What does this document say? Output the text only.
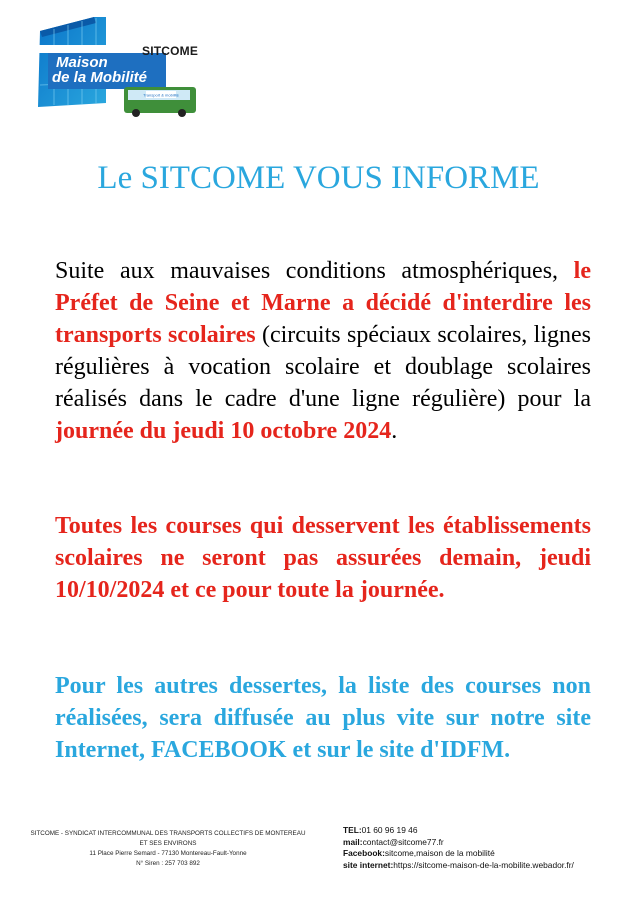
Transport & mobilité
SITCOME
Maison
de la Mobilité
Le SITCOME VOUS INFORME

Suite aux mauvaises conditions atmosphériques, le Préfet de Seine et Marne a décidé d'interdire les transports scolaires (circuits spéciaux scolaires, lignes régulières à vocation scolaire et doublage scolaires réalisés dans le cadre d'une ligne régulière) pour la journée du jeudi 10 octobre 2024.

Toutes les courses qui desservent les établissements scolaires ne seront pas assurées demain, jeudi 10/10/2024 et ce pour toute la journée.

Pour les autres dessertes, la liste des courses non réalisées, sera diffusée au plus vite sur notre site Internet, FACEBOOK et sur le site d'IDFM.

SITCOME - SYNDICAT INTERCOMMUNAL DES TRANSPORTS COLLECTIFS DE MONTEREAU
ET SES ENVIRONS
11 Place Pierre Semard - 77130 Montereau-Fault-Yonne
N° Siren : 257 703 892
TEL:01 60 96 19 46
mail:contact@sitcome77.fr
Facebook:sitcome,maison de la mobilité
site internet:https://sitcome-maison-de-la-mobilite.webador.fr/
